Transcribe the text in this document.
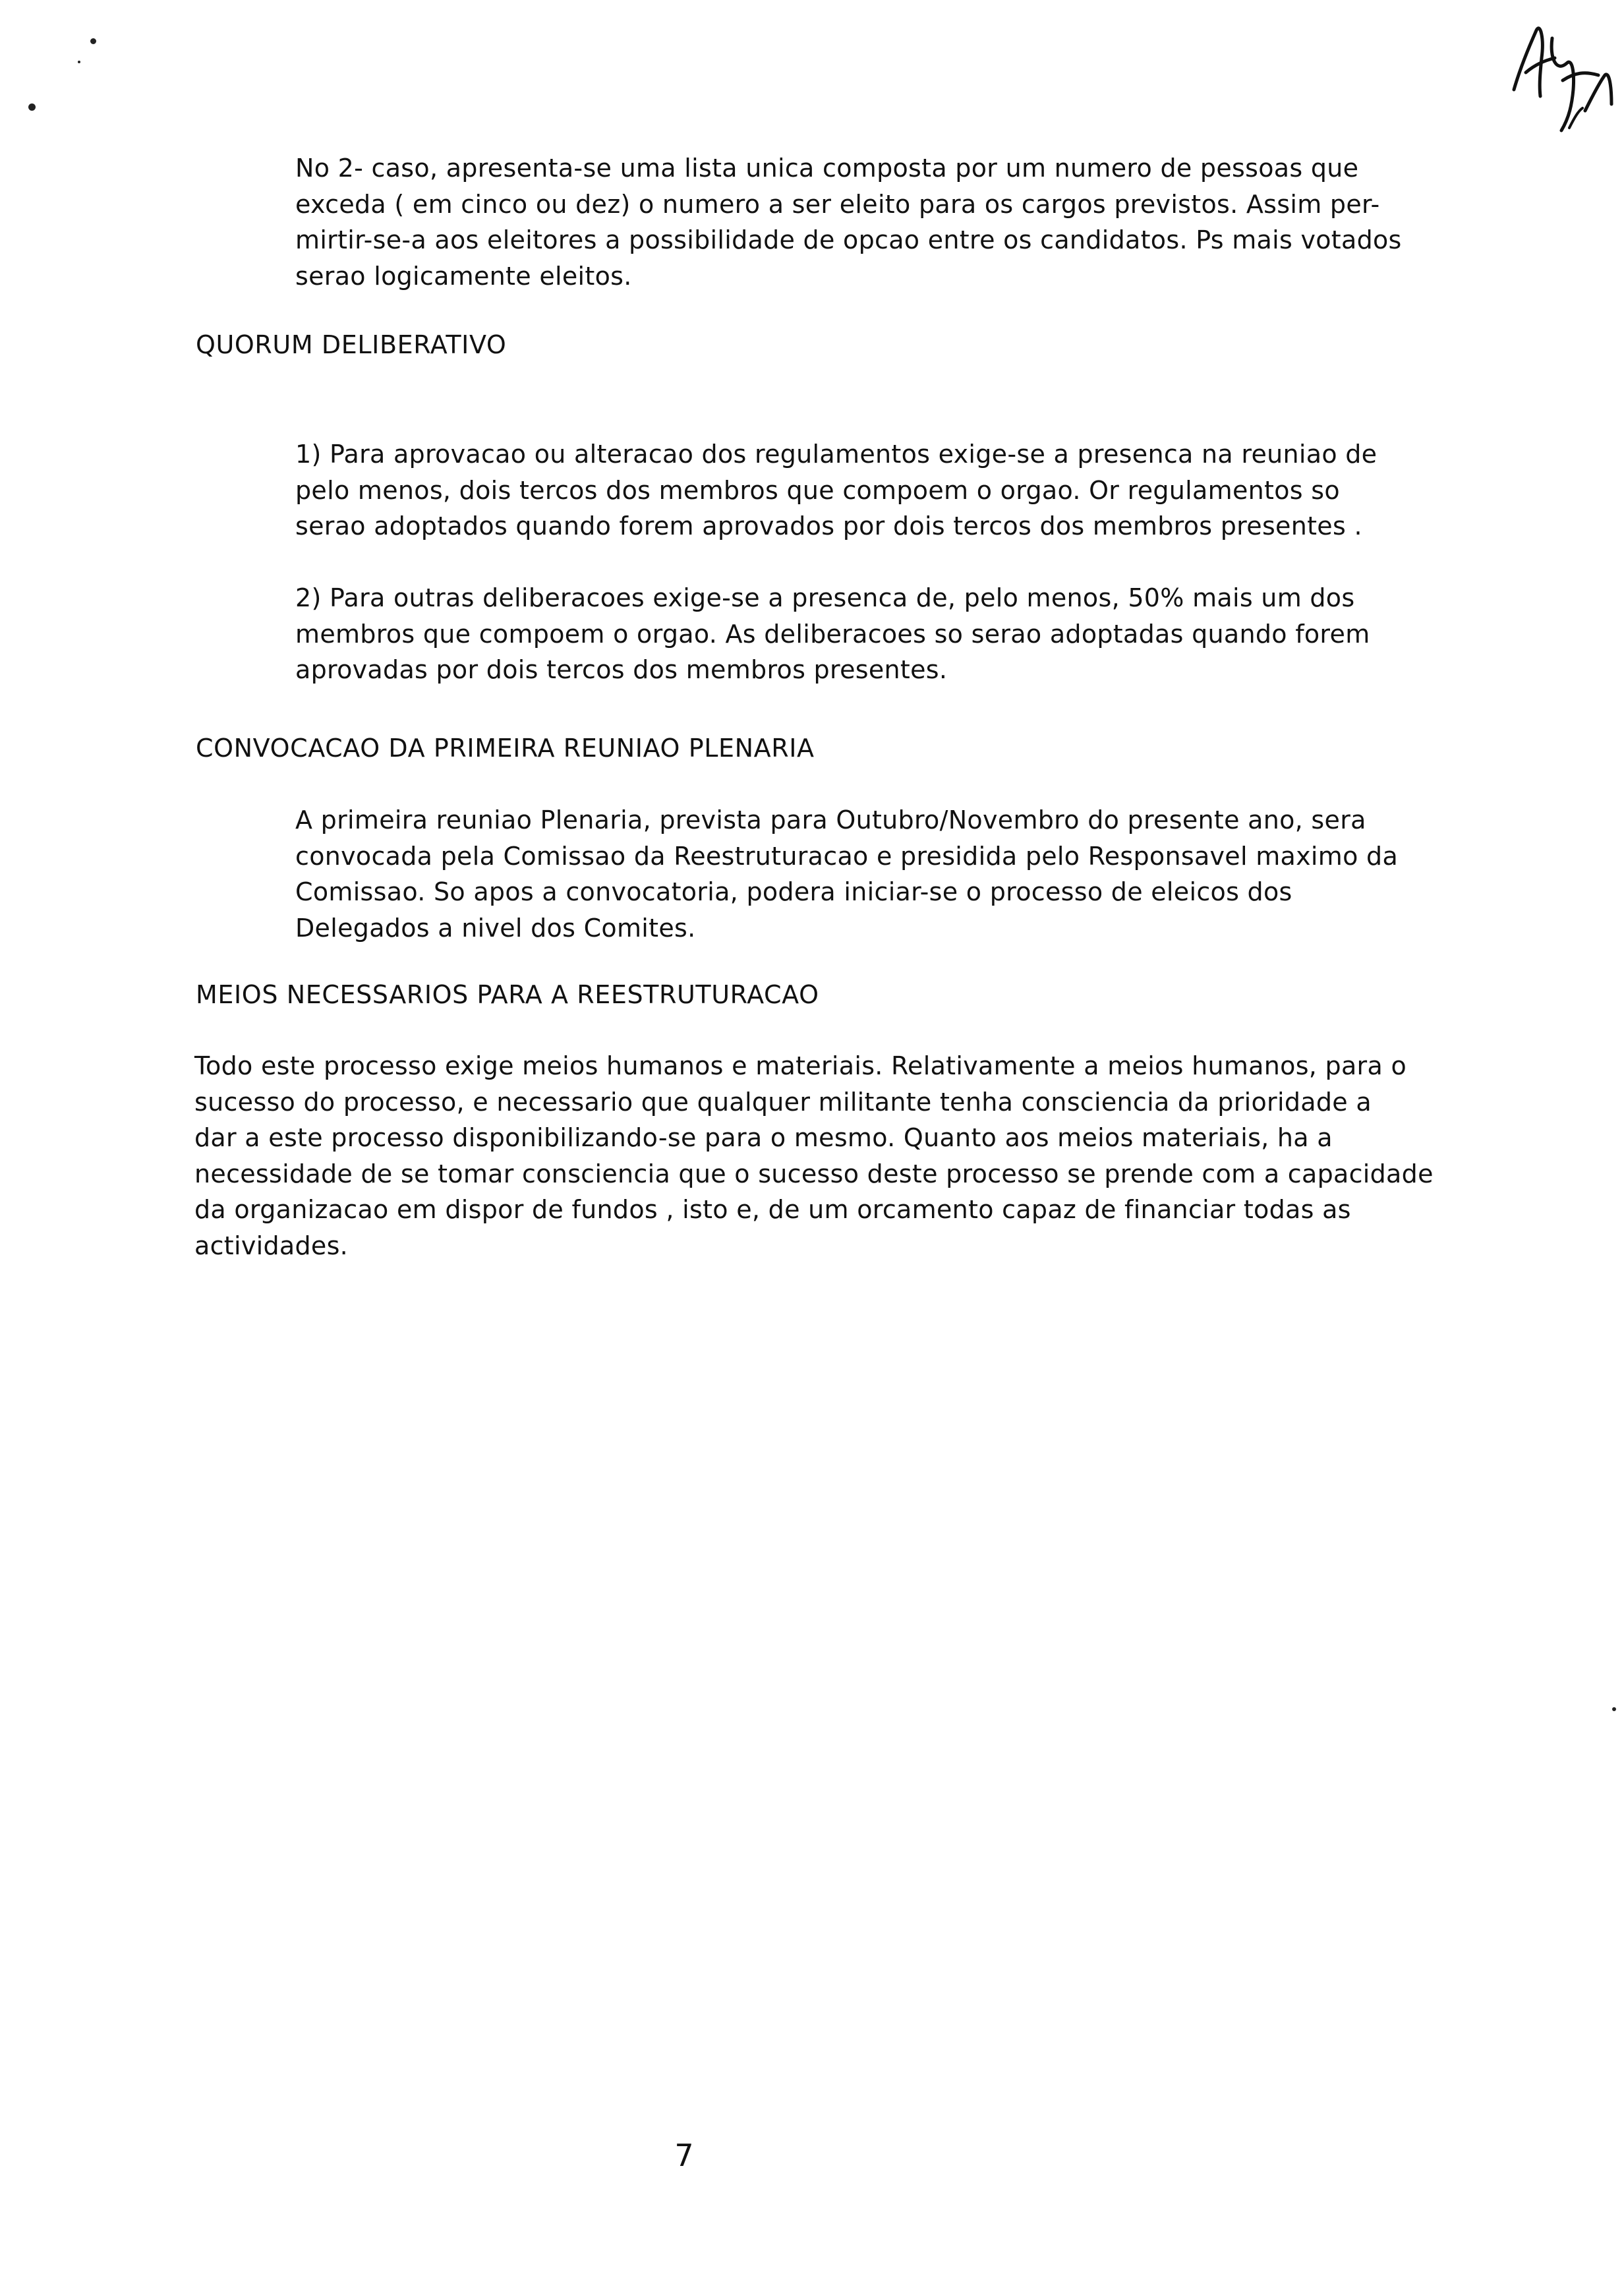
No 2- caso, apresenta-se uma lista unica composta por um numero de pessoas que
exceda ( em cinco ou dez) o numero a ser eleito para os cargos previstos. Assim per-
mirtir-se-a aos eleitores a possibilidade de opcao entre os candidatos. Ps mais votados
serao logicamente eleitos.

QUORUM DELIBERATIVO

1) Para aprovacao ou alteracao dos regulamentos exige-se a presenca na reuniao de
pelo menos, dois tercos dos membros que compoem o orgao. Or regulamentos so
serao adoptados quando forem aprovados por dois tercos dos membros presentes .

2) Para outras deliberacoes exige-se a presenca de, pelo menos, 50% mais um dos
membros que compoem o orgao. As deliberacoes so serao adoptadas quando forem
aprovadas por dois tercos dos membros presentes.

CONVOCACAO DA PRIMEIRA REUNIAO PLENARIA

A primeira reuniao Plenaria, prevista para Outubro/Novembro do presente ano, sera
convocada pela Comissao da Reestruturacao e presidida pelo Responsavel maximo da
Comissao. So apos a convocatoria, podera iniciar-se o processo de eleicos dos
Delegados a nivel dos Comites.

MEIOS NECESSARIOS PARA A REESTRUTURACAO

Todo este processo exige meios humanos e materiais. Relativamente a meios humanos, para o
sucesso do processo, e necessario que qualquer militante tenha consciencia da prioridade a
dar a este processo disponibilizando-se para o mesmo. Quanto aos meios materiais, ha a
necessidade de se tomar consciencia que o sucesso deste processo se prende com a capacidade
da organizacao em dispor de fundos , isto e, de um orcamento capaz de financiar todas as
actividades.

7
